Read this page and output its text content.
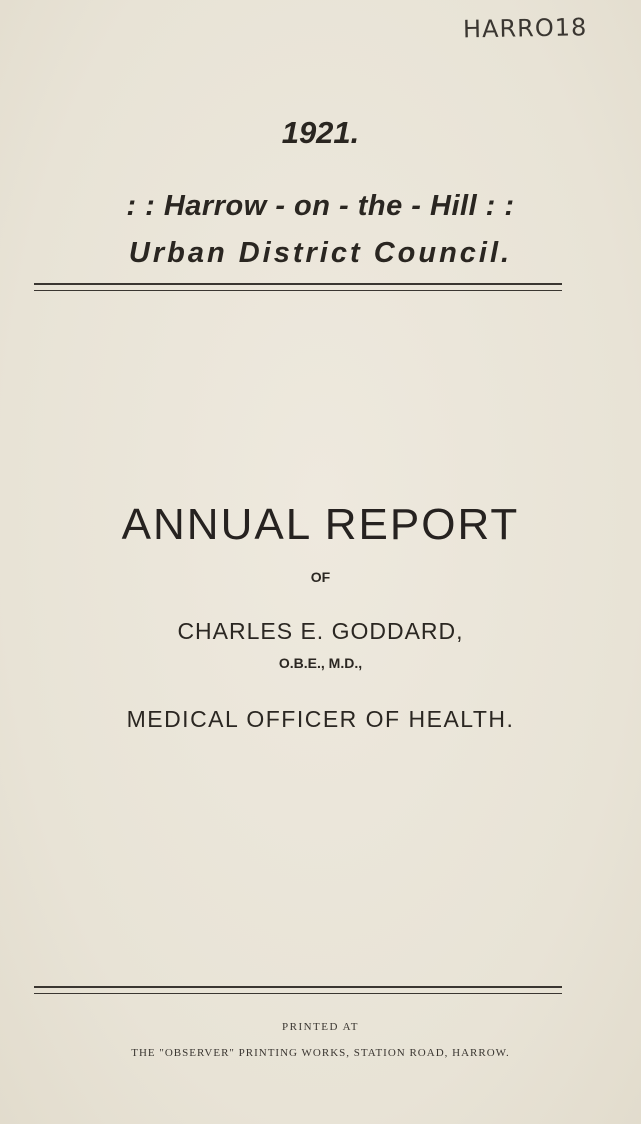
HARRO18
1921.
: : Harrow - on - the - Hill : :
Urban District Council.
ANNUAL REPORT
OF
CHARLES E. GODDARD,
O.B.E., M.D.,
MEDICAL OFFICER OF HEALTH.
PRINTED AT
THE "OBSERVER" PRINTING WORKS, STATION ROAD, HARROW.
